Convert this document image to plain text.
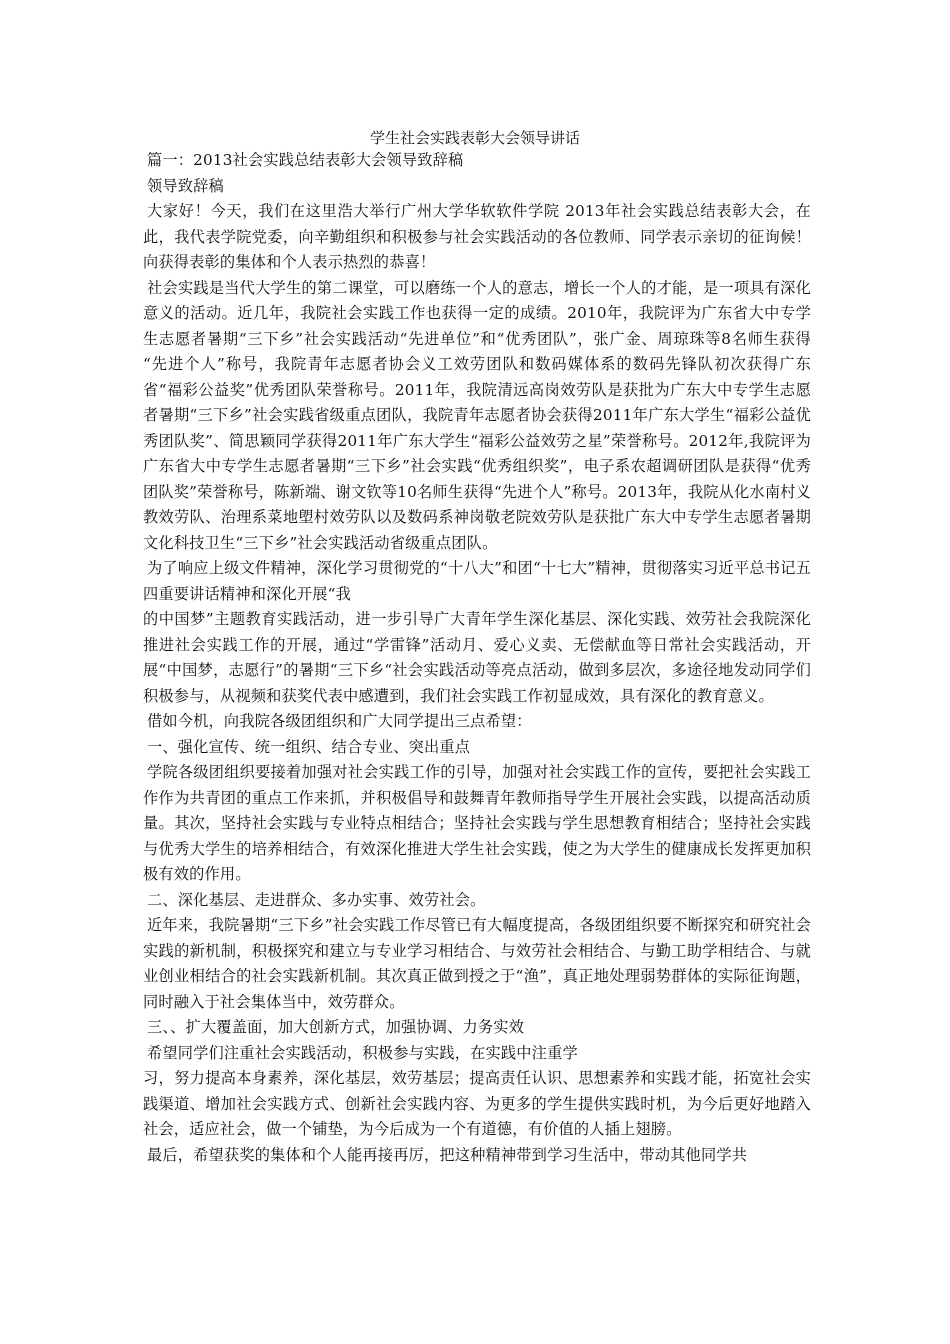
学生社会实践表彰大会领导讲话

篇一：2013社会实践总结表彰大会领导致辞稿

领导致辞稿

大家好！今天，我们在这里浩大举行广州大学华软软件学院 2013年社会实践总结表彰大会，在此，我代表学院党委，向辛勤组织和积极参与社会实践活动的各位教师、同学表示亲切的征询候！向获得表彰的集体和个人表示热烈的恭喜！

社会实践是当代大学生的第二课堂，可以磨练一个人的意志，增长一个人的才能，是一项具有深化意义的活动。近几年，我院社会实践工作也获得一定的成绩。2010年，我院评为广东省大中专学生志愿者暑期“三下乡”社会实践活动“先进单位”和“优秀团队”，张广金、周琼珠等8名师生获得 “先进个人”称号，我院青年志愿者协会义工效劳团队和数码媒体系的数码先锋队初次获得广东省“福彩公益奖”优秀团队荣誉称号。2011年，我院清远高岗效劳队是获批为广东大中专学生志愿者暑期“三下乡”社会实践省级重点团队，我院青年志愿者协会获得2011年广东大学生“福彩公益优秀团队奖”、简思颖同学获得2011年广东大学生“福彩公益效劳之星”荣誉称号。2012年,我院评为广东省大中专学生志愿者暑期“三下乡”社会实践“优秀组织奖”，电子系农超调研团队是获得“优秀团队奖”荣誉称号，陈新端、谢文钦等10名师生获得“先进个人”称号。2013年，我院从化水南村义教效劳队、治理系菜地塱村效劳队以及数码系神岗敬老院效劳队是获批广东大中专学生志愿者暑期文化科技卫生“三下乡”社会实践活动省级重点团队。

为了响应上级文件精神，深化学习贯彻党的“十八大”和团“十七大”精神，贯彻落实习近平总书记五四重要讲话精神和深化开展“我

的中国梦”主题教育实践活动，进一步引导广大青年学生深化基层、深化实践、效劳社会我院深化推进社会实践工作的开展，通过“学雷锋”活动月、爱心义卖、无偿献血等日常社会实践活动，开展“中国梦，志愿行”的暑期“三下乡“社会实践活动等亮点活动，做到多层次，多途径地发动同学们积极参与，从视频和获奖代表中感遭到，我们社会实践工作初显成效，具有深化的教育意义。

借如今机，向我院各级团组织和广大同学提出三点希望：

一、强化宣传、统一组织、结合专业、突出重点

学院各级团组织要接着加强对社会实践工作的引导，加强对社会实践工作的宣传，要把社会实践工作作为共青团的重点工作来抓，并积极倡导和鼓舞青年教师指导学生开展社会实践，以提高活动质量。其次，坚持社会实践与专业特点相结合；坚持社会实践与学生思想教育相结合；坚持社会实践与优秀大学生的培养相结合，有效深化推进大学生社会实践，使之为大学生的健康成长发挥更加积极有效的作用。

二、深化基层、走进群众、多办实事、效劳社会。

近年来，我院暑期“三下乡”社会实践工作尽管已有大幅度提高，各级团组织要不断探究和研究社会实践的新机制，积极探究和建立与专业学习相结合、与效劳社会相结合、与勤工助学相结合、与就业创业相结合的社会实践新机制。其次真正做到授之于“渔”，真正地处理弱势群体的实际征询题，同时融入于社会集体当中，效劳群众。

三、、扩大覆盖面，加大创新方式，加强协调、力务实效

希望同学们注重社会实践活动，积极参与实践，在实践中注重学

习，努力提高本身素养，深化基层，效劳基层；提高责任认识、思想素养和实践才能，拓宽社会实践渠道、增加社会实践方式、创新社会实践内容、为更多的学生提供实践时机，为今后更好地踏入社会，适应社会，做一个铺垫，为今后成为一个有道德，有价值的人插上翅膀。

最后，希望获奖的集体和个人能再接再厉，把这种精神带到学习生活中，带动其他同学共
